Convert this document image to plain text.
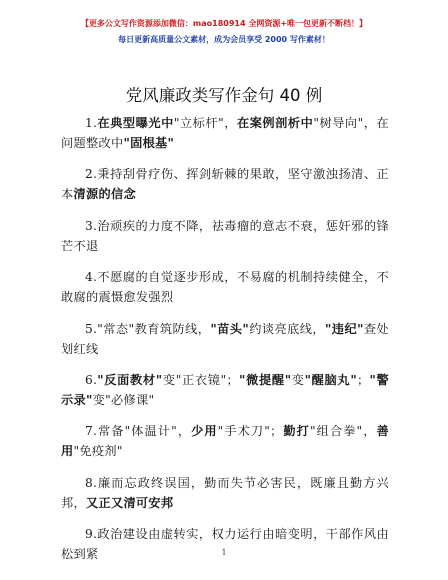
【更多公文写作资源添加微信：mao180914 全网资源+唯一包更新不断档！】
每日更新高质量公文素材，成为会员享受 2000 写作素材！
党风廉政类写作金句 40 例

1.在典型曝光中"立标杆"，在案例剖析中"树导向"，在问题整改中"固根基"

2.秉持刮骨疗伤、挥剑斩棘的果敢，坚守激浊扬清、正本清源的信念

3.治顽疾的力度不降，祛毒瘤的意志不衰，惩奸邪的锋芒不退

4.不愿腐的自觉逐步形成，不易腐的机制持续健全，不敢腐的震慑愈发强烈

5."常态"教育筑防线，"苗头"约谈亮底线，"违纪"查处划红线

6."反面教材"变"正衣镜"；"微提醒"变"醒脑丸"；"警示录"变"必修课"

7.常备"体温计"，少用"手术刀"；勤打"组合拳"，善用"免疫剂"

8.廉而忘政终误国，勤而失节必害民，既廉且勤方兴邦，又正又清可安邦

9.政治建设由虚转实，权力运行由暗变明，干部作风由松到紧	1
